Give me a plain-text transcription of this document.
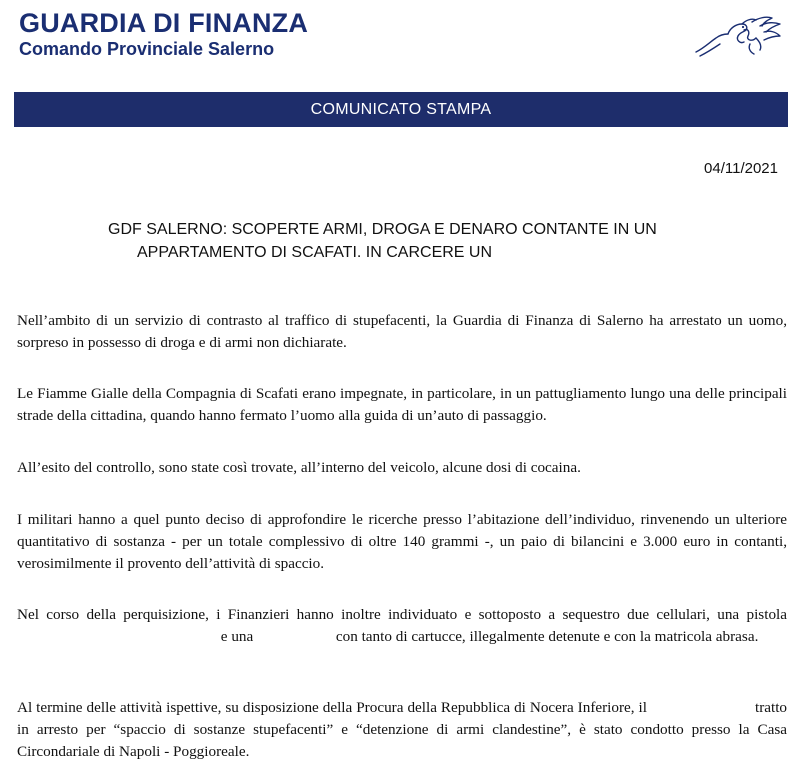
GUARDIA DI FINANZA
Comando Provinciale Salerno
COMUNICATO STAMPA
04/11/2021
GDF SALERNO: SCOPERTE ARMI, DROGA E DENARO CONTANTE IN UN
APPARTAMENTO DI SCAFATI. IN CARCERE UN
Nell’ambito di un servizio di contrasto al traffico di stupefacenti, la Guardia di Finanza di Salerno ha arrestato un uomo, sorpreso in possesso di droga e di armi non dichiarate.
Le Fiamme Gialle della Compagnia di Scafati erano impegnate, in particolare, in un pattugliamento lungo una delle principali strade della cittadina, quando hanno fermato l’uomo alla guida di un’auto di passaggio.
All’esito del controllo, sono state così trovate, all’interno del veicolo, alcune dosi di cocaina.
I militari hanno a quel punto deciso di approfondire le ricerche presso l’abitazione dell’individuo, rinvenendo un ulteriore quantitativo di sostanza - per un totale complessivo di oltre 140 grammi -, un paio di bilancini e 3.000 euro in contanti, verosimilmente il provento dell’attività di spaccio.
Nel corso della perquisizione, i Finanzieri hanno inoltre individuato e sottoposto a sequestro due cellulari, una pistola  e una	con tanto di cartucce, illegalmente detenute e con la matricola abrasa.
Al termine delle attività ispettive, su disposizione della Procura della Repubblica di Nocera Inferiore, il	tratto in arresto per “spaccio di sostanze stupefacenti” e “detenzione di armi clandestine”, è stato condotto presso la Casa Circondariale di Napoli - Poggioreale.
